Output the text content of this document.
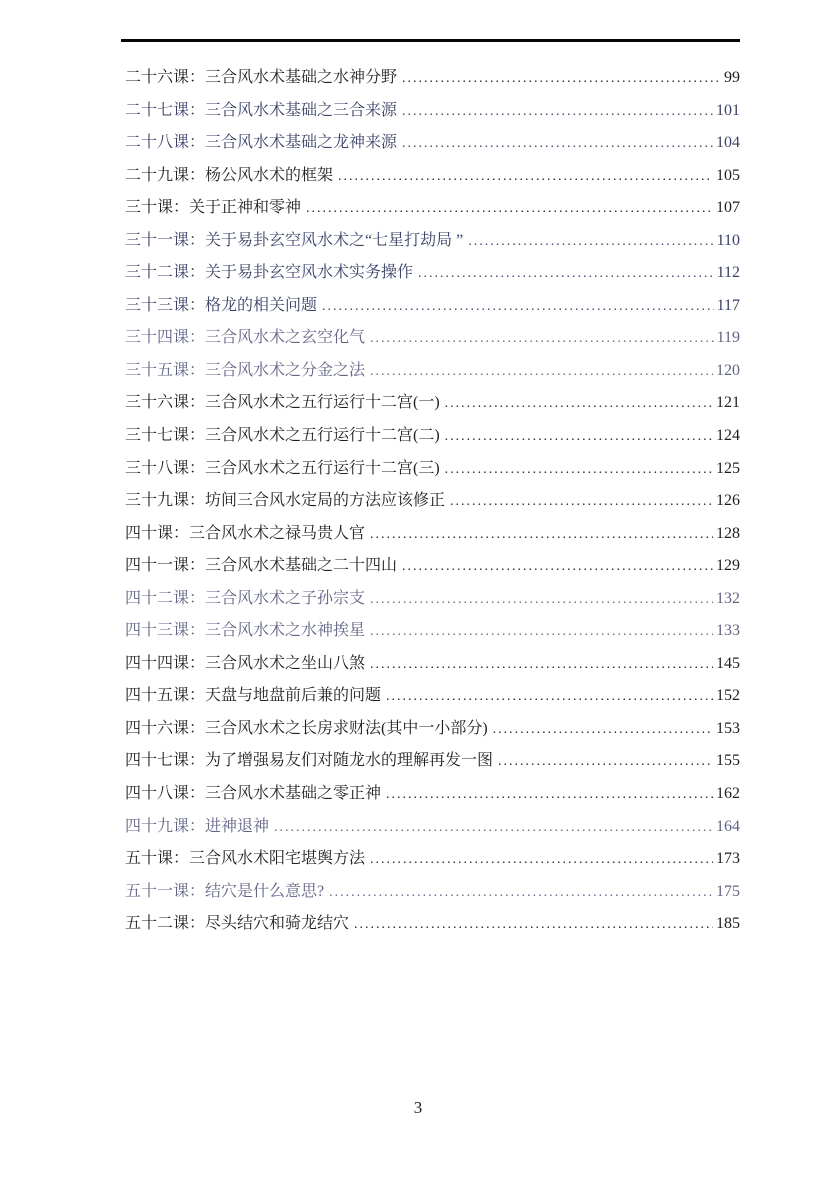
二十六课：三合风水术基础之水神分野 .....	99
二十七课：三合风水术基础之三合来源 .....	101
二十八课：三合风水术基础之龙神来源 .....	104
二十九课：杨公风水术的框架 .....	105
三十课：关于正神和零神 .....	107
三十一课：关于易卦玄空风水术之“七星打劫局 ” .....	110
三十二课：关于易卦玄空风水术实务操作 .....	112
三十三课：格龙的相关问题 .....	117
三十四课：三合风水术之玄空化气 .....	119
三十五课：三合风水术之分金之法 .....	120
三十六课：三合风水术之五行运行十二宫(一) .....	121
三十七课：三合风水术之五行运行十二宫(二) .....	124
三十八课：三合风水术之五行运行十二宫(三) .....	125
三十九课：坊间三合风水定局的方法应该修正 .....	126
四十课：三合风水术之禄马贵人官 .....	128
四十一课：三合风水术基础之二十四山 .....	129
四十二课：三合风水术之子孙宗支 .....	132
四十三课：三合风水术之水神挨星 .....	133
四十四课：三合风水术之坐山八煞 .....	145
四十五课：天盘与地盘前后兼的问题 .....	152
四十六课：三合风水术之长房求财法(其中一小部分) .....	153
四十七课：为了增强易友们对随龙水的理解再发一图 .....	155
四十八课：三合风水术基础之零正神 .....	162
四十九课：进神退神 .....	164
五十课：三合风水术阳宅堪舆方法 .....	173
五十一课：结穴是什么意思? .....	175
五十二课：尽头结穴和骑龙结穴 .....	185
3
